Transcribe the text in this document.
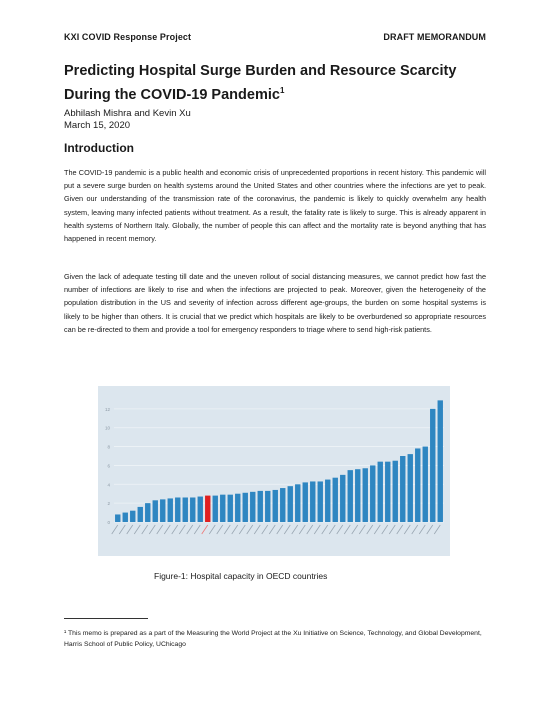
KXI COVID Response Project	DRAFT MEMORANDUM
Predicting Hospital Surge Burden and Resource Scarcity During the COVID-19 Pandemic$^1$
Abhilash Mishra and Kevin Xu
March 15, 2020
Introduction

The COVID-19 pandemic is a public health and economic crisis of unprecedented proportions in recent history. This pandemic will put a severe surge burden on health systems around the United States and other countries where the infections are yet to peak. Given our understanding of the transmission rate of the coronavirus, the pandemic is likely to quickly overwhelm any health system, leaving many infected patients without treatment. As a result, the fatality rate is likely to surge. This is already apparent in health systems of Northern Italy. Globally, the number of people this can affect and the mortality rate is beyond anything that has happened in recent memory.

Given the lack of adequate testing till date and the uneven rollout of social distancing measures, we cannot predict how fast the number of infections are likely to rise and when the infections are projected to peak. Moreover, given the heterogeneity of the population distribution in the US and severity of infection across different age-groups, the burden on some hospital systems is likely to be higher than others. It is crucial that we predict which hospitals are likely to be overburdened so appropriate resources can be re-directed to them and provide a tool for emergency responders to triage where to send high-risk patients.

0
2
4
6
8
10
12
Figure-1: Hospital capacity in OECD countries
¹ This memo is prepared as a part of the Measuring the World Project at the Xu Initiative on Science, Technology, and Global Development, Harris School of Public Policy, UChicago
